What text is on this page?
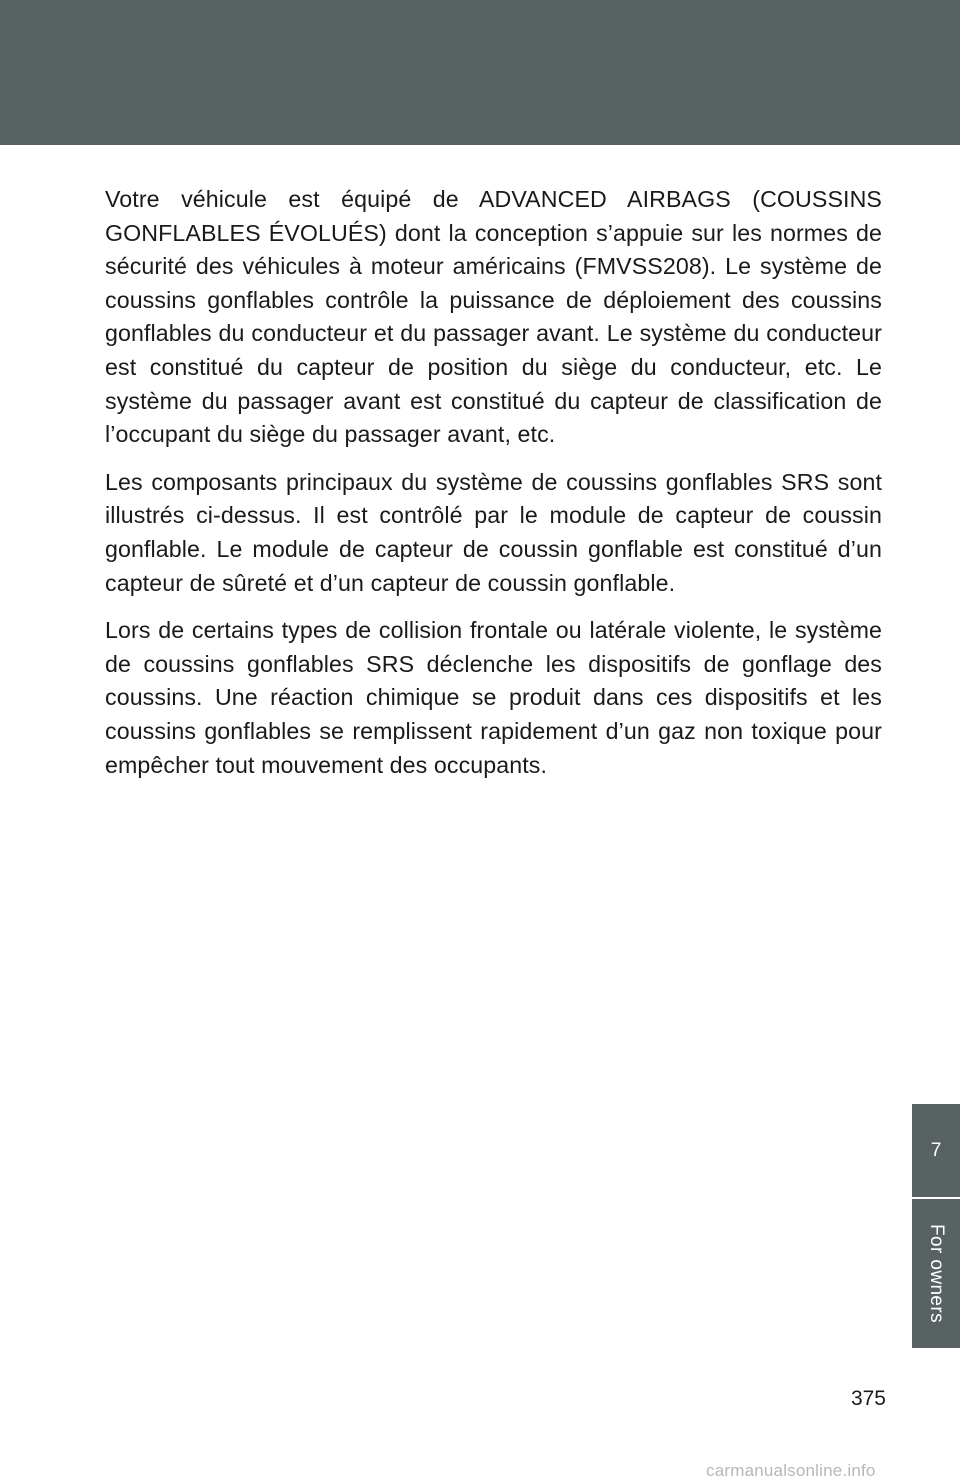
Votre véhicule est équipé de ADVANCED AIRBAGS (COUSSINS GONFLABLES ÉVOLUÉS) dont la conception s’appuie sur les normes de sécurité des véhicules à moteur américains (FMVSS208). Le système de coussins gonflables contrôle la puissance de déploiement des coussins gonflables du conducteur et du passager avant. Le système du conducteur est constitué du capteur de position du siège du conducteur, etc. Le système du passager avant est constitué du capteur de classification de l’occupant du siège du passager avant, etc.

Les composants principaux du système de coussins gonflables SRS sont illustrés ci-dessus. Il est contrôlé par le module de capteur de coussin gonflable. Le module de capteur de coussin gonflable est constitué d’un capteur de sûreté et d’un capteur de coussin gonflable.

Lors de certains types de collision frontale ou latérale violente, le système de coussins gonflables SRS déclenche les dispositifs de gonflage des coussins. Une réaction chimique se produit dans ces dispositifs et les coussins gonflables se remplissent rapidement d’un gaz non toxique pour empêcher tout mouvement des occupants.

7
For owners
375
carmanualsonline.info
